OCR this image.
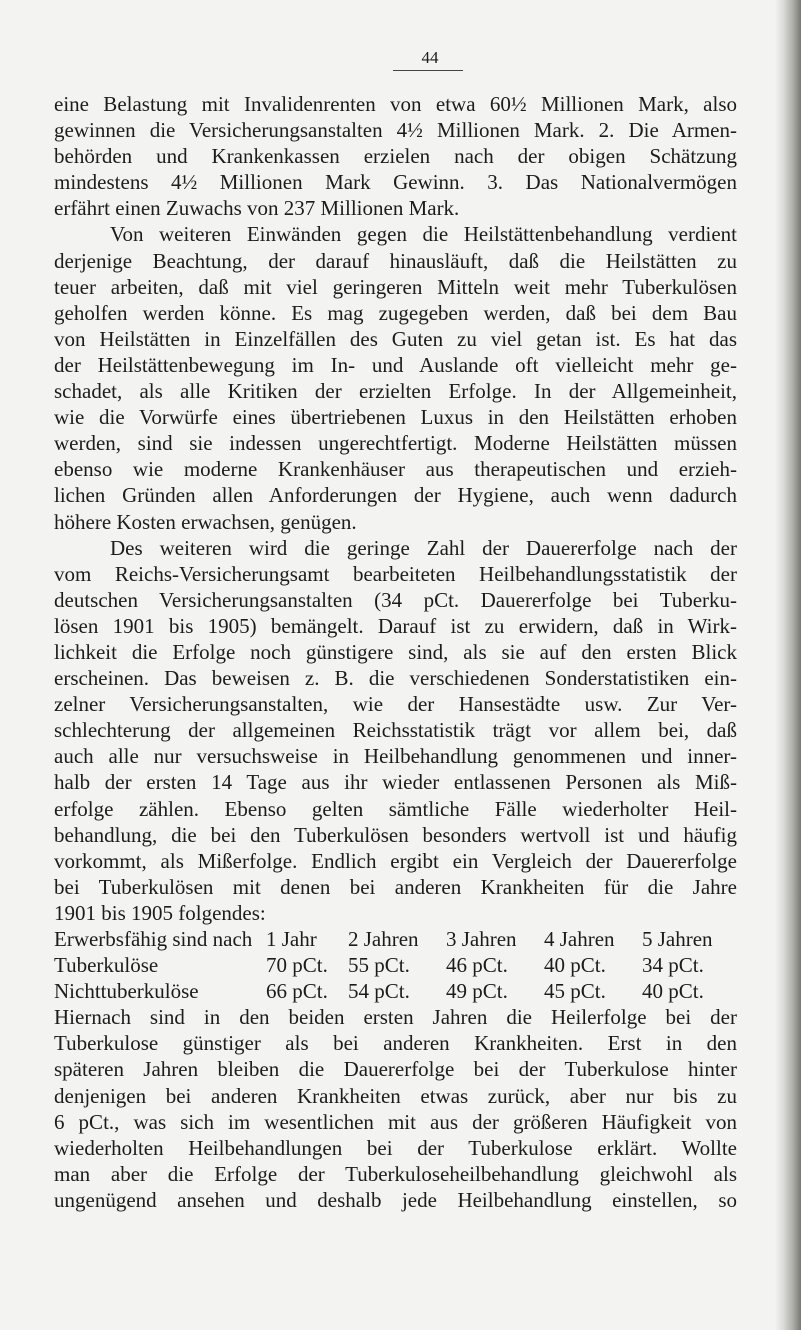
44
eine Belastung mit Invalidenrenten von etwa 60½ Millionen Mark, also
gewinnen die Versicherungsanstalten 4½ Millionen Mark. 2. Die Armen-
behörden und Krankenkassen erzielen nach der obigen Schätzung
mindestens 4½ Millionen Mark Gewinn. 3. Das Nationalvermögen
erfährt einen Zuwachs von 237 Millionen Mark.
Von weiteren Einwänden gegen die Heilstättenbehandlung verdient
derjenige Beachtung, der darauf hinausläuft, daß die Heilstätten zu
teuer arbeiten, daß mit viel geringeren Mitteln weit mehr Tuberkulösen
geholfen werden könne. Es mag zugegeben werden, daß bei dem Bau
von Heilstätten in Einzelfällen des Guten zu viel getan ist. Es hat das
der Heilstättenbewegung im In- und Auslande oft vielleicht mehr ge-
schadet, als alle Kritiken der erzielten Erfolge. In der Allgemeinheit,
wie die Vorwürfe eines übertriebenen Luxus in den Heilstätten erhoben
werden, sind sie indessen ungerechtfertigt. Moderne Heilstätten müssen
ebenso wie moderne Krankenhäuser aus therapeutischen und erzieh-
lichen Gründen allen Anforderungen der Hygiene, auch wenn dadurch
höhere Kosten erwachsen, genügen.
Des weiteren wird die geringe Zahl der Dauererfolge nach der
vom Reichs-Versicherungsamt bearbeiteten Heilbehandlungsstatistik der
deutschen Versicherungsanstalten (34 pCt. Dauererfolge bei Tuberku-
lösen 1901 bis 1905) bemängelt. Darauf ist zu erwidern, daß in Wirk-
lichkeit die Erfolge noch günstigere sind, als sie auf den ersten Blick
erscheinen. Das beweisen z. B. die verschiedenen Sonderstatistiken ein-
zelner Versicherungsanstalten, wie der Hansestädte usw. Zur Ver-
schlechterung der allgemeinen Reichsstatistik trägt vor allem bei, daß
auch alle nur versuchsweise in Heilbehandlung genommenen und inner-
halb der ersten 14 Tage aus ihr wieder entlassenen Personen als Miß-
erfolge zählen. Ebenso gelten sämtliche Fälle wiederholter Heil-
behandlung, die bei den Tuberkulösen besonders wertvoll ist und häufig
vorkommt, als Mißerfolge. Endlich ergibt ein Vergleich der Dauererfolge
bei Tuberkulösen mit denen bei anderen Krankheiten für die Jahre
1901 bis 1905 folgendes:
Erwerbsfähig sind nach 1 Jahr	2 Jahren	3 Jahren	4 Jahren	5 Jahren
Tuberkulöse	70 pCt. 55 pCt.	46 pCt.	40 pCt.	34 pCt.
Nichttuberkulöse	66 pCt. 54 pCt.	49 pCt.	45 pCt.	40 pCt.
Hiernach sind in den beiden ersten Jahren die Heilerfolge bei der
Tuberkulose günstiger als bei anderen Krankheiten. Erst in den
späteren Jahren bleiben die Dauererfolge bei der Tuberkulose hinter
denjenigen bei anderen Krankheiten etwas zurück, aber nur bis zu
6 pCt., was sich im wesentlichen mit aus der größeren Häufigkeit von
wiederholten Heilbehandlungen bei der Tuberkulose erklärt. Wollte
man aber die Erfolge der Tuberkuloseheilbehandlung gleichwohl als
ungenügend ansehen und deshalb jede Heilbehandlung einstellen, so
